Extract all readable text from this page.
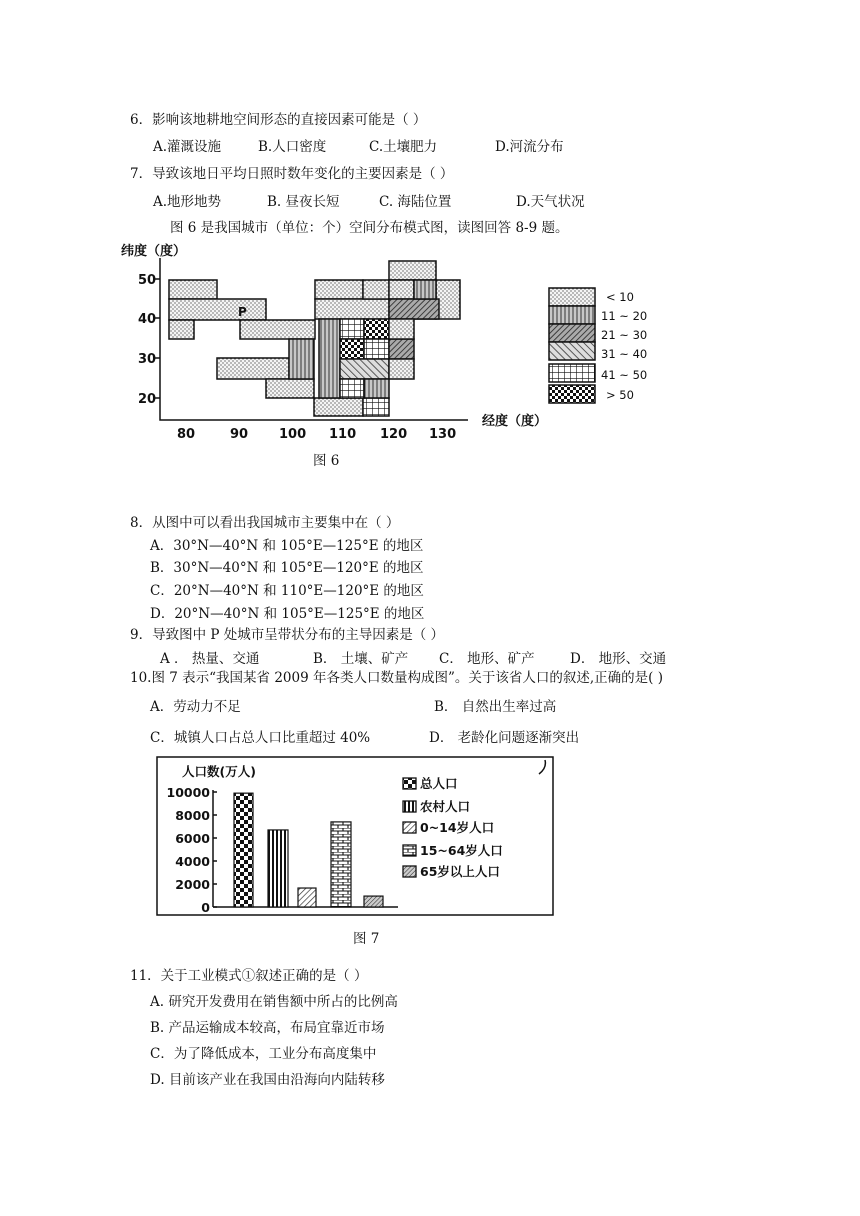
6．影响该地耕地空间形态的直接因素可能是（ ）
A.灌溉设施	B.人口密度	C.土壤肥力	D.河流分布
7．导致该地日平均日照时数年变化的主要因素是（ ）
A.地形地势	B. 昼夜长短	C. 海陆位置	D.天气状况
图 6 是我国城市（单位：个）空间分布模式图，读图回答 8-9 题。
纬度（度）
50
40
30
20
80	90 100 110 120 130
经度（度）
P
< 10
11 ~ 20
21 ~ 30
31 ~ 40
41 ~ 50
> 50
图 6
8．从图中可以看出我国城市主要集中在（ ）
A．30°N—40°N 和 105°E—125°E 的地区
B．30°N—40°N 和 105°E—120°E 的地区
C．20°N—40°N 和 110°E—120°E 的地区
D．20°N—40°N 和 105°E—125°E 的地区
9．导致图中 P 处城市呈带状分布的主导因素是（ ）
A ． 热量、交通	B． 土壤、矿产 C． 地形、矿产	D． 地形、交通
10.图 7 表示“我国某省 2009 年各类人口数量构成图”。关于该省人口的叙述,正确的是( )
A．劳动力不足	B． 自然出生率过高
C．城镇人口占总人口比重超过 40%	D． 老龄化问题逐渐突出
人口数(万人)
10000
8000
6000
4000
2000
0
总人口
农村人口
0~14岁人口
15~64岁人口
65岁以上人口
图 7
11．关于工业模式①叙述正确的是（ ）
A. 研究开发费用在销售额中所占的比例高
B. 产品运输成本较高，布局宜靠近市场
C．为了降低成本，工业分布高度集中
D. 目前该产业在我国由沿海向内陆转移
